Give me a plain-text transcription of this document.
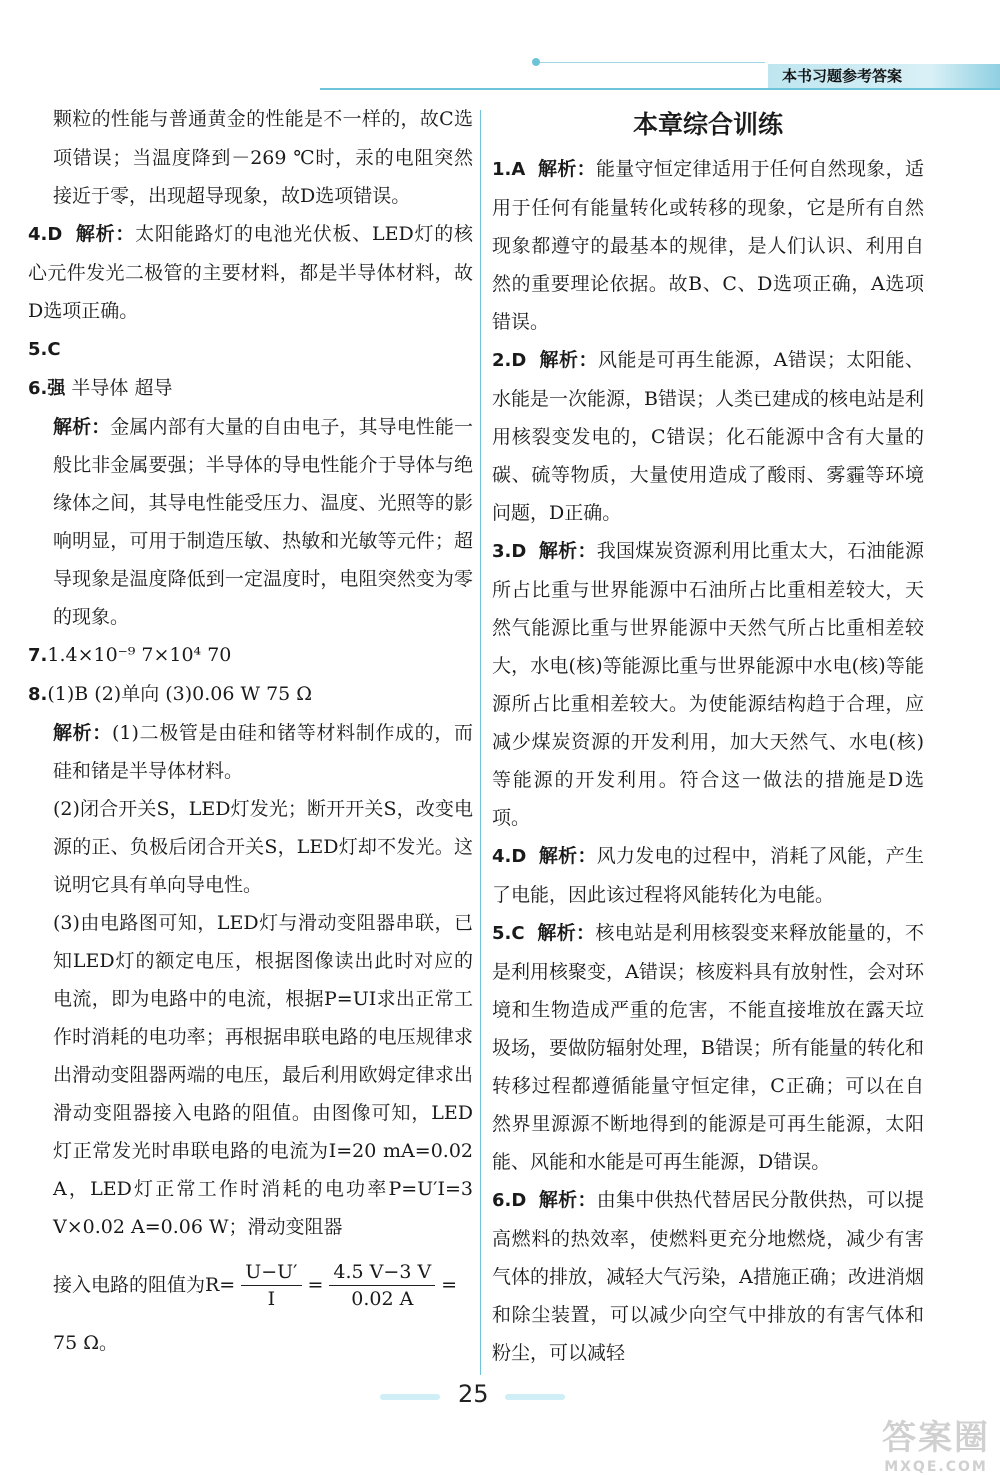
本书习题参考答案

颗粒的性能与普通黄金的性能是不一样的，故C选项错误；当温度降到－269 ℃时，汞的电阻突然接近于零，出现超导现象，故D选项错误。

4.D 解析：太阳能路灯的电池光伏板、LED灯的核心元件发光二极管的主要材料，都是半导体材料，故D选项正确。

5.C

6.强 半导体 超导

解析：金属内部有大量的自由电子，其导电性能一般比非金属要强；半导体的导电性能介于导体与绝缘体之间，其导电性能受压力、温度、光照等的影响明显，可用于制造压敏、热敏和光敏等元件；超导现象是温度降低到一定温度时，电阻突然变为零的现象。

7.1.4×10⁻⁹ 7×10⁴ 70

8.(1)B (2)单向 (3)0.06 W 75 Ω

解析：(1)二极管是由硅和锗等材料制作成的，而硅和锗是半导体材料。

(2)闭合开关S，LED灯发光；断开开关S，改变电源的正、负极后闭合开关S，LED灯却不发光。这说明它具有单向导电性。

(3)由电路图可知，LED灯与滑动变阻器串联，已知LED灯的额定电压，根据图像读出此时对应的电流，即为电路中的电流，根据P=UI求出正常工作时消耗的电功率；再根据串联电路的电压规律求出滑动变阻器两端的电压，最后利用欧姆定律求出滑动变阻器接入电路的阻值。由图像可知，LED灯正常发光时串联电路的电流为I=20 mA=0.02 A，LED灯正常工作时消耗的电功率P=U′I=3 V×0.02 A=0.06 W；滑动变阻器

接入电路的阻值为$R= \frac{U-U'}{I} = \frac{4.5 V-3 V}{0.02 A}$ =

75 Ω。

本章综合训练

1.A 解析：能量守恒定律适用于任何自然现象，适用于任何有能量转化或转移的现象，它是所有自然现象都遵守的最基本的规律，是人们认识、利用自然的重要理论依据。故B、C、D选项正确，A选项错误。

2.D 解析：风能是可再生能源，A错误；太阳能、水能是一次能源，B错误；人类已建成的核电站是利用核裂变发电的，C错误；化石能源中含有大量的碳、硫等物质，大量使用造成了酸雨、雾霾等环境问题，D正确。

3.D 解析：我国煤炭资源利用比重太大，石油能源所占比重与世界能源中石油所占比重相差较大，天然气能源比重与世界能源中天然气所占比重相差较大，水电(核)等能源比重与世界能源中水电(核)等能源所占比重相差较大。为使能源结构趋于合理，应减少煤炭资源的开发利用，加大天然气、水电(核)等能源的开发利用。符合这一做法的措施是D选项。

4.D 解析：风力发电的过程中，消耗了风能，产生了电能，因此该过程将风能转化为电能。

5.C 解析：核电站是利用核裂变来释放能量的，不是利用核聚变，A错误；核废料具有放射性，会对环境和生物造成严重的危害，不能直接堆放在露天垃圾场，要做防辐射处理，B错误；所有能量的转化和转移过程都遵循能量守恒定律，C正确；可以在自然界里源源不断地得到的能源是可再生能源，太阳能、风能和水能是可再生能源，D错误。

6.D 解析：由集中供热代替居民分散供热，可以提高燃料的热效率，使燃料更充分地燃烧，减少有害气体的排放，减轻大气污染，A措施正确；改进消烟和除尘装置，可以减少向空气中排放的有害气体和粉尘，可以减轻

25
答案圈
MXQE.COM
